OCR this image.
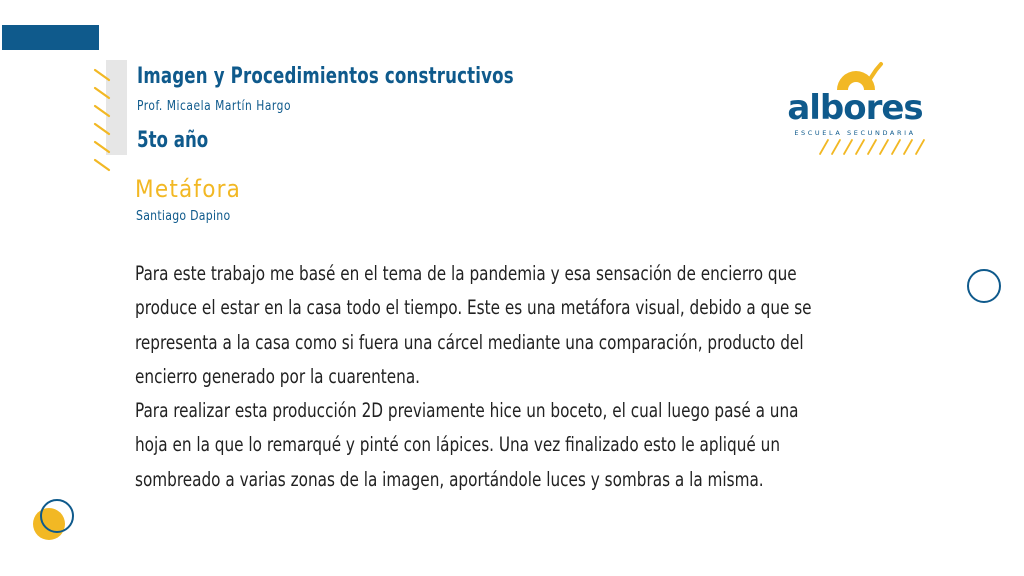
Imagen y Procedimientos constructivos
Prof. Micaela Martín Hargo
5to año
Metáfora
Santiago Dapino

Para este trabajo me basé en el tema de la pandemia y esa sensación de encierro que produce el estar en la casa todo el tiempo. Este es una metáfora visual, debido a que se representa a la casa como si fuera una cárcel mediante una comparación, producto del encierro generado por la cuarentena.

Para realizar esta producción 2D previamente hice un boceto, el cual luego pasé a una hoja en la que lo remarqué y pinté con lápices. Una vez finalizado esto le apliqué un sombreado a varias zonas de la imagen, aportándole luces y sombras a la misma.

albores
ESCUELA SECUNDARIA
